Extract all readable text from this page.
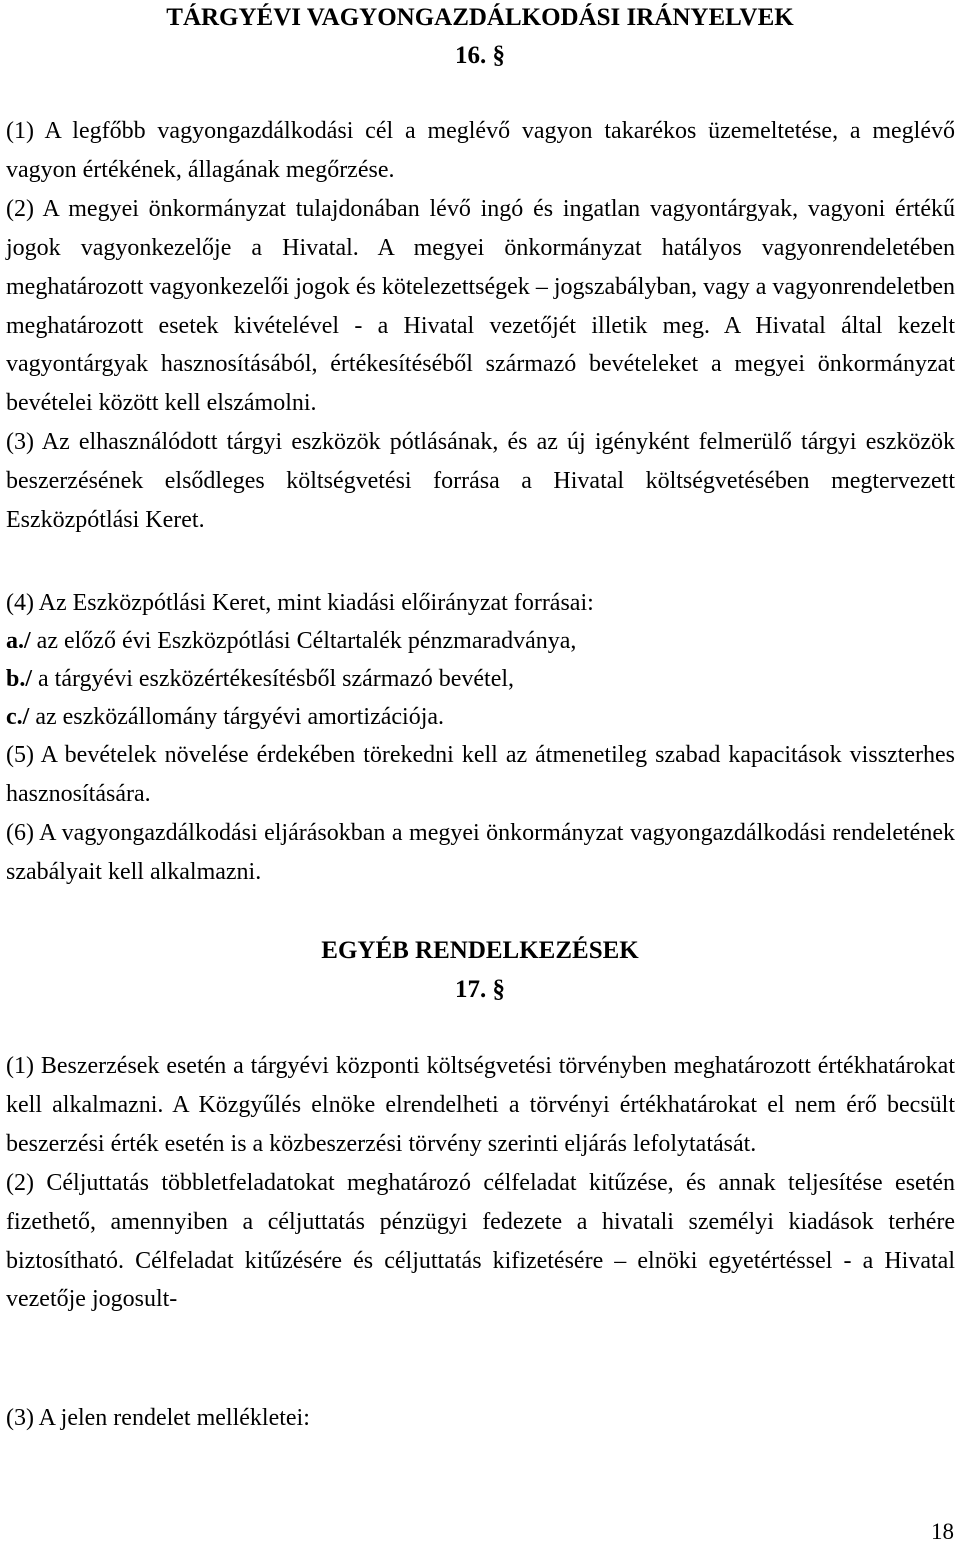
TÁRGYÉVI VAGYONGAZDÁLKODÁSI IRÁNYELVEK
16. §

(1) A legfőbb vagyongazdálkodási cél a meglévő vagyon takarékos üzemeltetése, a meglévő vagyon értékének, állagának megőrzése.

(2) A megyei önkormányzat tulajdonában lévő ingó és ingatlan vagyontárgyak, vagyoni értékű jogok vagyonkezelője a Hivatal. A megyei önkormányzat hatályos vagyonrendeletében meghatározott vagyonkezelői jogok és kötelezettségek – jogszabályban, vagy a vagyonrendeletben meghatározott esetek kivételével - a Hivatal vezetőjét illetik meg. A Hivatal által kezelt vagyontárgyak hasznosításából, értékesítéséből származó bevételeket a megyei önkormányzat bevételei között kell elszámolni.

(3) Az elhasználódott tárgyi eszközök pótlásának, és az új igényként felmerülő tárgyi eszközök beszerzésének elsődleges költségvetési forrása a Hivatal költségvetésében megtervezett Eszközpótlási Keret.

(4) Az Eszközpótlási Keret, mint kiadási előirányzat forrásai:
a./ az előző évi Eszközpótlási Céltartalék pénzmaradványa,
b./ a tárgyévi eszközértékesítésből származó bevétel,
c./ az eszközállomány tárgyévi amortizációja.

(5) A bevételek növelése érdekében törekedni kell az átmenetileg szabad kapacitások visszterhes hasznosítására.

(6) A vagyongazdálkodási eljárásokban a megyei önkormányzat vagyongazdálkodási rendeletének szabályait kell alkalmazni.

EGYÉB RENDELKEZÉSEK
17. §

(1) Beszerzések esetén a tárgyévi központi költségvetési törvényben meghatározott értékhatárokat kell alkalmazni. A Közgyűlés elnöke elrendelheti a törvényi értékhatárokat el nem érő becsült beszerzési érték esetén is a közbeszerzési törvény szerinti eljárás lefolytatását.

(2) Céljuttatás többletfeladatokat meghatározó célfeladat kitűzése, és annak teljesítése esetén fizethető, amennyiben a céljuttatás pénzügyi fedezete a hivatali személyi kiadások terhére biztosítható. Célfeladat kitűzésére és céljuttatás kifizetésére – elnöki egyetértéssel - a Hivatal vezetője jogosult-

(3) A jelen rendelet mellékletei:
18
